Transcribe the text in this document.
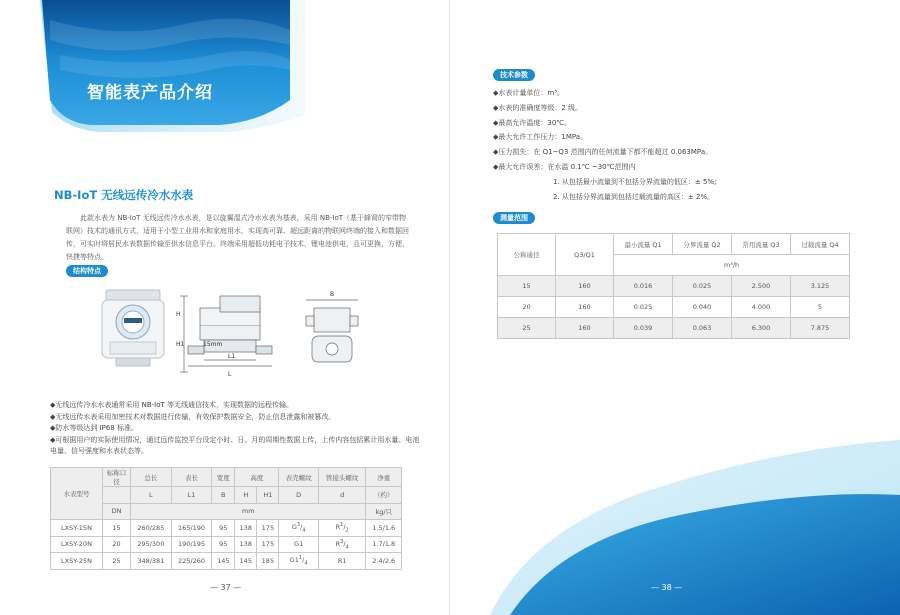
智能表产品介绍
NB-IoT 无线远传冷水水表

此款水表为 NB-IoT 无线远传冷水水表，是以旋翼湿式冷水水表为基表，采用 NB-IoT（基于蜂窝的窄带物联网）技术的通讯方式，适用于小型工业用水和家庭用水，实现高可靠、超远距离的物联网终端的接入和数据回传，可实时将居民水表数据传输至供水信息平台。终端采用超低功耗电子技术，锂电池供电，且可更换，方便、快捷等特点。

结构特点
15mm
H
H1
L
L1
B
◆无线远传冷水水表通常采用 NB-IoT 等无线通信技术，实现数据的远程传输。
◆无线远传水表采用加密技术对数据进行传输，有效保护数据安全，防止信息泄露和被篡改。
◆防水等级达到 IP68 标准。
◆可根据用户的实际使用情况，通过远传监控平台设定小时、日、月的周期性数据上传，上传内容包括累计用水量、电池电量、信号强度和水表状态等。
水表型号	标称口径	总长	表长	宽度	高度		表壳螺纹	管接头螺纹	净重
		L	L1	B	H	H1	D	d	（约）
	DN	mm							kg/只
LXSY-15N	15	260/285	165/190	95	138	175	$G^3/_4$	$R^1/_2$	1.5/1.6
LXSY-20N	20	295/300	190/195	95	138	175	G1	$R^3/_4$	1.7/1.8
LXSY-25N	25	348/381	225/260	145	145	185	$G1^1/_4$	R1	2.4/2.6
— 37 —
技术参数
◆水表计量单位：m³。
◆水表的准确度等级：2 级。
◆最高允许温度：30℃。
◆最大允许工作压力：1MPa。
◆压力损失：在 Q1~Q3 范围内的任何流量下都不能超过 0.063MPa。
◆最大允许误差：在水温 0.1℃ ~30℃范围内
1. 从包括最小流量到不包括分界流量的低区：± 5%;
2. 从包括分界流量到包括过载流量的高区：± 2%。
测量范围
公称通径	Q3/Q1	最小流量 Q1	分界流量 Q2	常用流量 Q3	过载流量 Q4
		m³/h			
15	160	0.016	0.025	2.500	3.125
20	160	0.025	0.040	4.000	5
25	160	0.039	0.063	6.300	7.875
— 38 —
